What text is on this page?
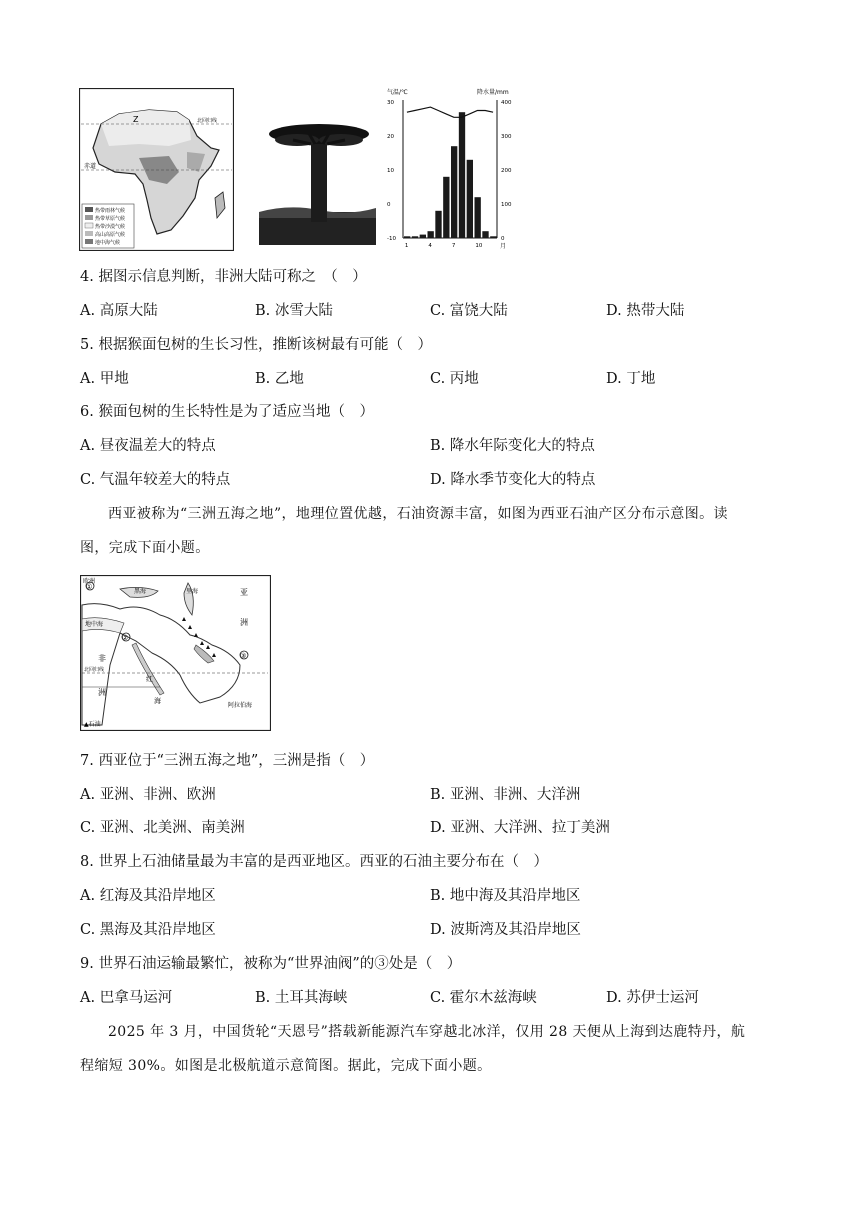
Z
赤道
北回归线
热带雨林气候
热带草原气候
热带沙漠气候
高山高原气候
地中海气候
气温/℃	降水量/mm
30
20
10
0
-10
400
300
200
100
0
1	4	7	10	月
4. 据图示信息判断，非洲大陆可称之　（　）
A. 高原大陆	B. 冰雪大陆	C. 富饶大陆	D. 热带大陆
5. 根据猴面包树的生长习性，推断该树最有可能（　）
A. 甲地	B. 乙地	C. 丙地	D. 丁地
6. 猴面包树的生长特性是为了适应当地（　）
A. 昼夜温差大的特点	B. 降水年际变化大的特点
C. 气温年较差大的特点	D. 降水季节变化大的特点
西亚被称为“三洲五海之地”，地理位置优越，石油资源丰富，如图为西亚石油产区分布示意图。读
图，完成下面小题。
①
②
③
欧洲
黑海	里海	亚
洲
地中海
非
洲
北回归线
红
海
阿拉伯海
▲石油
7. 西亚位于“三洲五海之地”，三洲是指（　）
A. 亚洲、非洲、欧洲	B. 亚洲、非洲、大洋洲
C. 亚洲、北美洲、南美洲	D. 亚洲、大洋洲、拉丁美洲
8. 世界上石油储量最为丰富的是西亚地区。西亚的石油主要分布在（　）
A. 红海及其沿岸地区	B. 地中海及其沿岸地区
C. 黑海及其沿岸地区	D. 波斯湾及其沿岸地区
9. 世界石油运输最繁忙，被称为“世界油阀”的③处是（　）
A. 巴拿马运河	B. 土耳其海峡	C. 霍尔木兹海峡	D. 苏伊士运河
2025 年 3 月，中国货轮“天恩号”搭载新能源汽车穿越北冰洋，仅用 28 天便从上海到达鹿特丹，航
程缩短 30%。如图是北极航道示意简图。据此，完成下面小题。
